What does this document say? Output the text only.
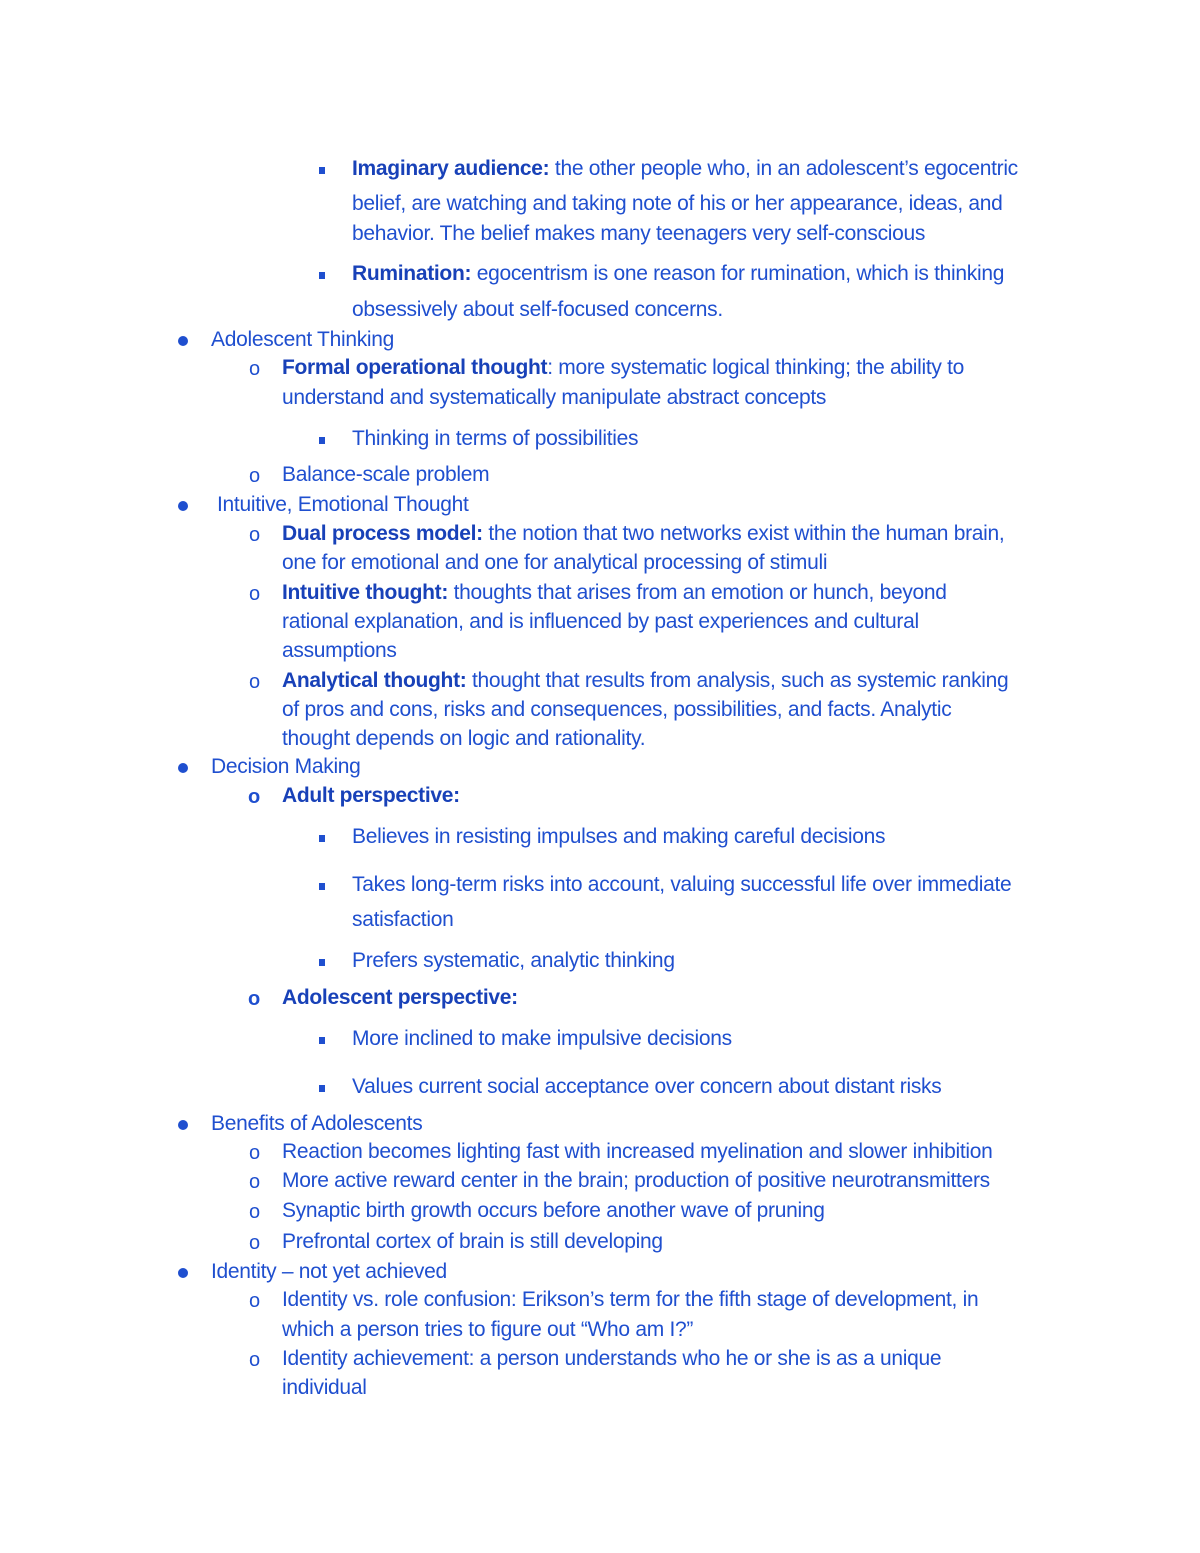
Imaginary audience: the other people who, in an adolescent’s egocentric
belief, are watching and taking note of his or her appearance, ideas, and
behavior. The belief makes many teenagers very self-conscious
Rumination: egocentrism is one reason for rumination, which is thinking
obsessively about self-focused concerns.
Adolescent Thinking
o Formal operational thought: more systematic logical thinking; the ability to
understand and systematically manipulate abstract concepts
Thinking in terms of possibilities
o Balance-scale problem
Intuitive, Emotional Thought
o Dual process model: the notion that two networks exist within the human brain,
one for emotional and one for analytical processing of stimuli
o Intuitive thought: thoughts that arises from an emotion or hunch, beyond
rational explanation, and is influenced by past experiences and cultural
assumptions
o Analytical thought: thought that results from analysis, such as systemic ranking
of pros and cons, risks and consequences, possibilities, and facts. Analytic
thought depends on logic and rationality.
Decision Making
o Adult perspective:
Believes in resisting impulses and making careful decisions
Takes long-term risks into account, valuing successful life over immediate
satisfaction
Prefers systematic, analytic thinking
o Adolescent perspective:
More inclined to make impulsive decisions
Values current social acceptance over concern about distant risks
Benefits of Adolescents
o Reaction becomes lighting fast with increased myelination and slower inhibition
o More active reward center in the brain; production of positive neurotransmitters
o Synaptic birth growth occurs before another wave of pruning
o Prefrontal cortex of brain is still developing
Identity – not yet achieved
o Identity vs. role confusion: Erikson’s term for the fifth stage of development, in
which a person tries to figure out “Who am I?”
o Identity achievement: a person understands who he or she is as a unique
individual
